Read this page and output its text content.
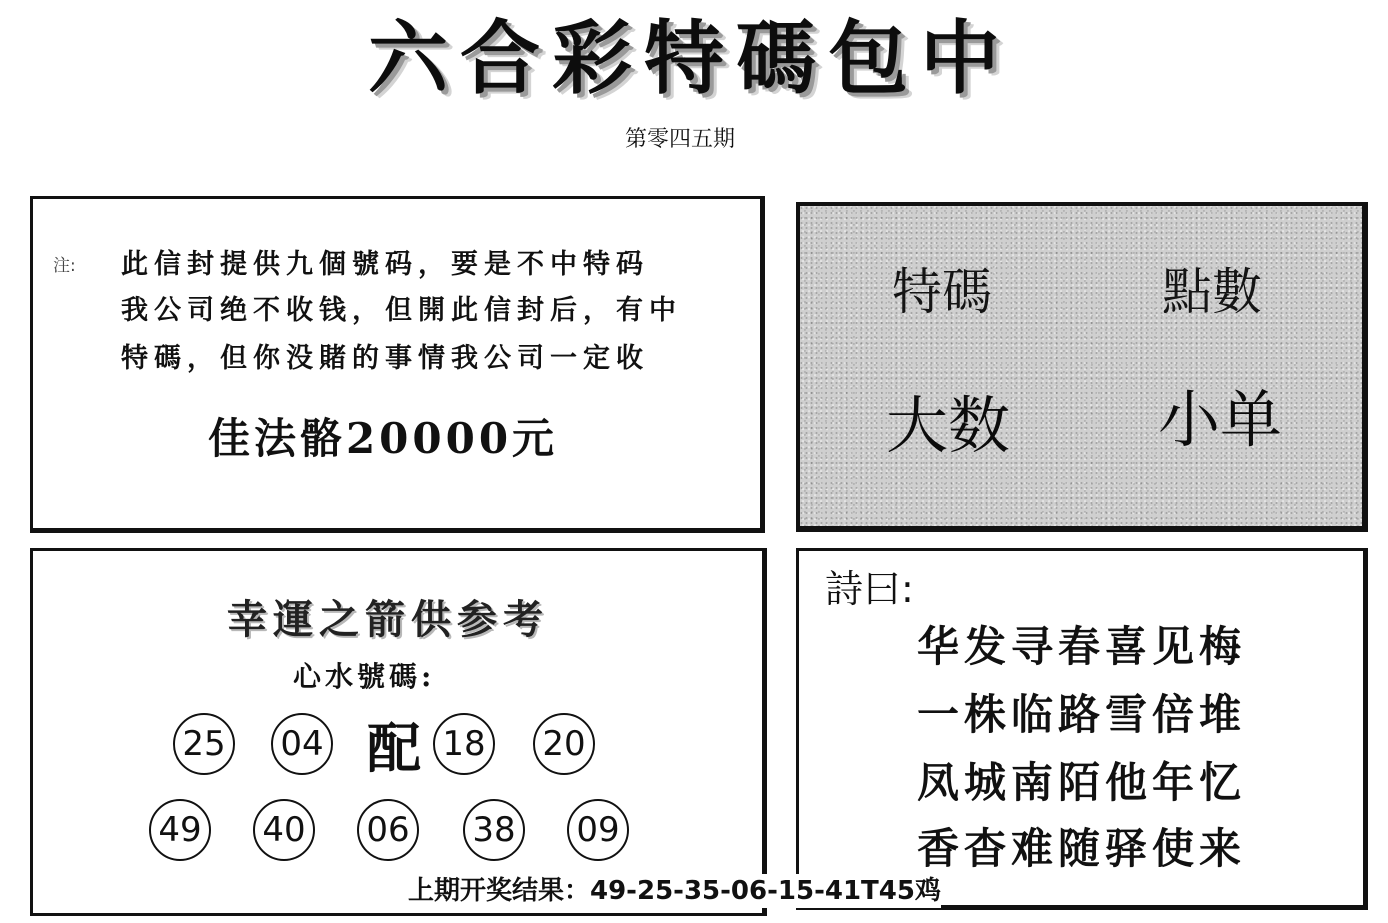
六合彩特碼包中
第零四五期
注: 此信封提供九個號码，要是不中特码
我公司绝不收钱，但開此信封后，有中
特碼，但你没賭的事情我公司一定收
佳法骼20000元
特碼	點數
大数 小单
幸運之箭供参考
心水號碼:
25 04 配 18 20
49 40 06 38 09
詩曰:
华发寻春喜见梅
一株临路雪倍堆
凤城南陌他年忆
香杳难随驿使来
上期开奖结果：49-25-35-06-15-41T45鸡
